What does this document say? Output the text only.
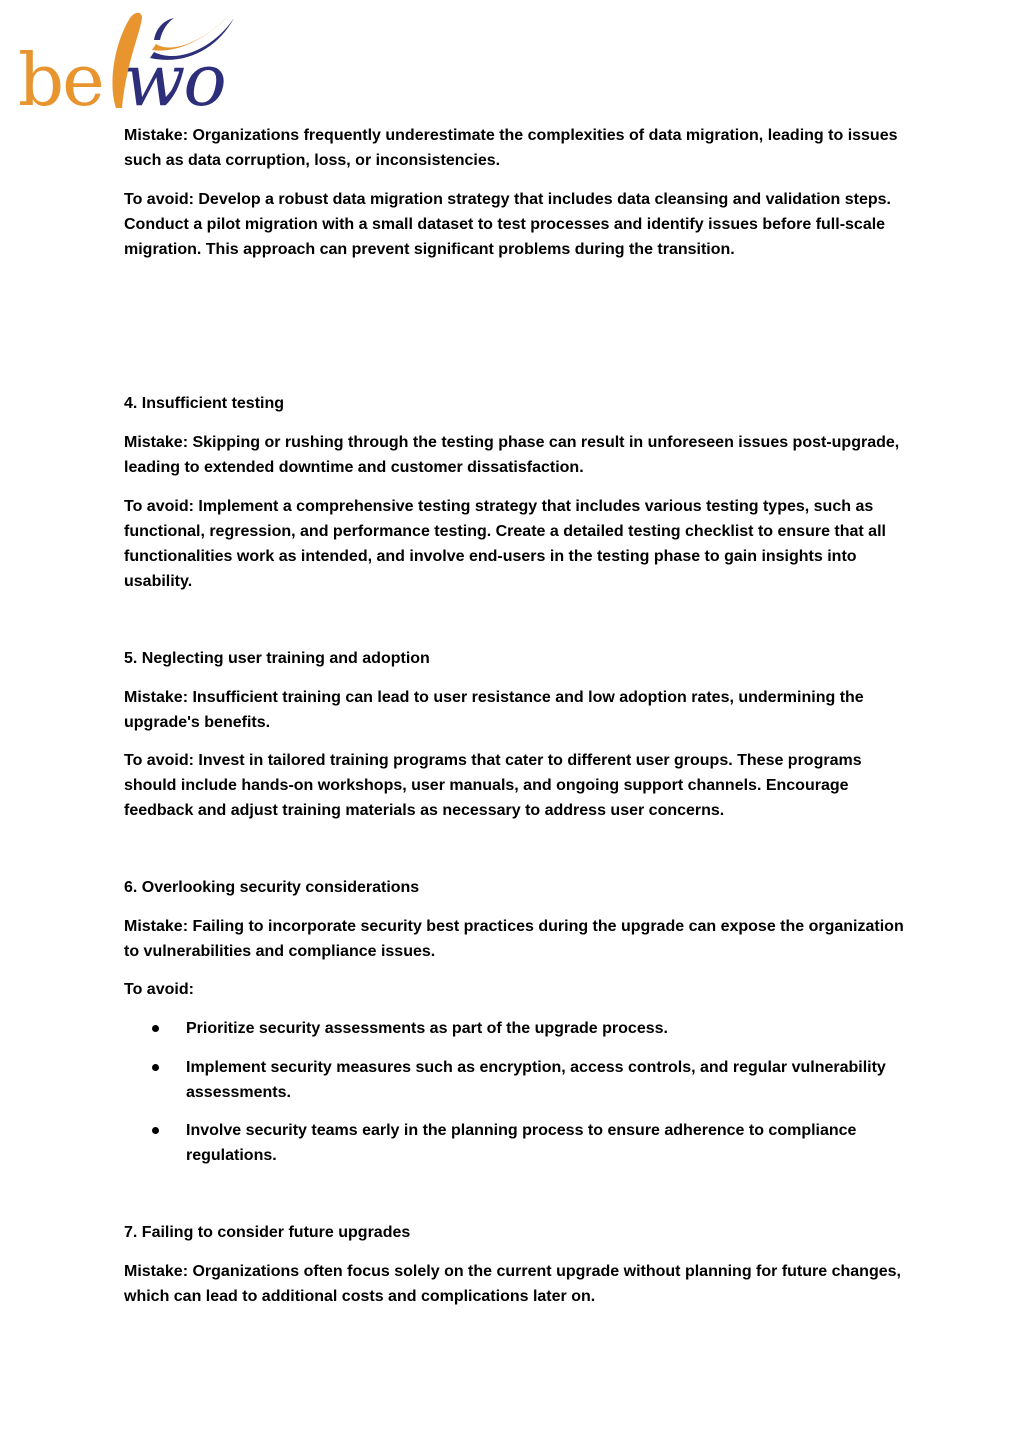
be wo

Mistake: Organizations frequently underestimate the complexities of data migration, leading to issues such as data corruption, loss, or inconsistencies.

To avoid: Develop a robust data migration strategy that includes data cleansing and validation steps. Conduct a pilot migration with a small dataset to test processes and identify issues before full-scale migration. This approach can prevent significant problems during the transition.

4. Insufficient testing

Mistake: Skipping or rushing through the testing phase can result in unforeseen issues post-upgrade, leading to extended downtime and customer dissatisfaction.

To avoid: Implement a comprehensive testing strategy that includes various testing types, such as functional, regression, and performance testing. Create a detailed testing checklist to ensure that all functionalities work as intended, and involve end-users in the testing phase to gain insights into usability.

5. Neglecting user training and adoption

Mistake: Insufficient training can lead to user resistance and low adoption rates, undermining the upgrade's benefits.

To avoid: Invest in tailored training programs that cater to different user groups. These programs should include hands-on workshops, user manuals, and ongoing support channels. Encourage feedback and adjust training materials as necessary to address user concerns.

6. Overlooking security considerations

Mistake: Failing to incorporate security best practices during the upgrade can expose the organization to vulnerabilities and compliance issues.

To avoid:

Prioritize security assessments as part of the upgrade process.
Implement security measures such as encryption, access controls, and regular vulnerability assessments.
Involve security teams early in the planning process to ensure adherence to compliance regulations.

7. Failing to consider future upgrades

Mistake: Organizations often focus solely on the current upgrade without planning for future changes, which can lead to additional costs and complications later on.
